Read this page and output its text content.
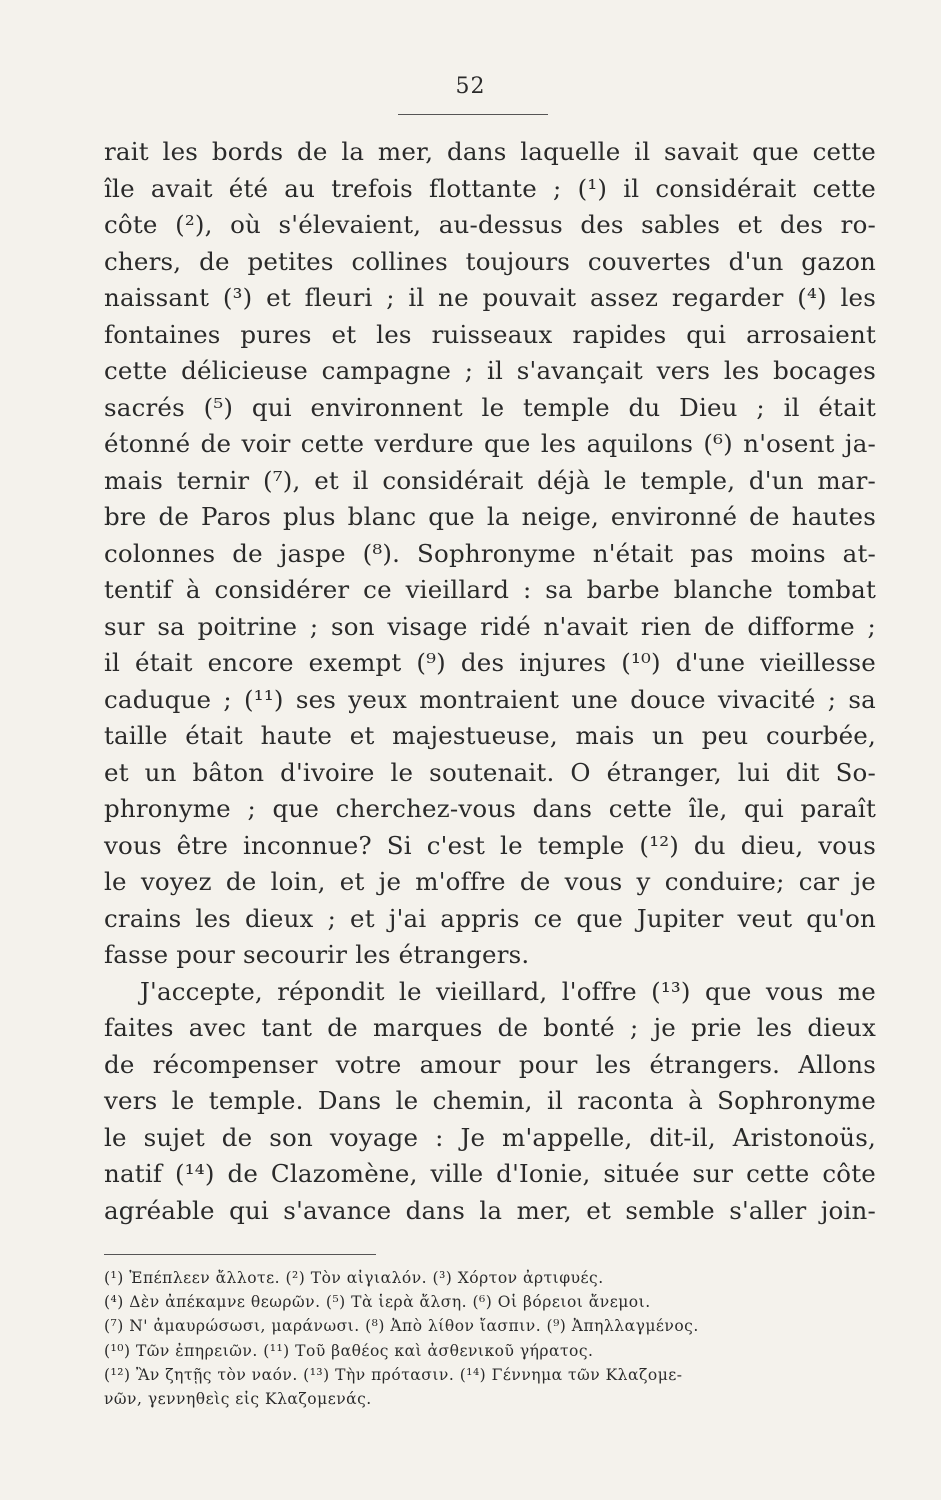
52
rait les bords de la mer, dans laquelle il savait que cette
île avait été au trefois flottante ; (¹) il considérait cette
côte (²), où s'élevaient, au-dessus des sables et des ro-
chers, de petites collines toujours couvertes d'un gazon
naissant (³) et fleuri ; il ne pouvait assez regarder (⁴) les
fontaines pures et les ruisseaux rapides qui arrosaient
cette délicieuse campagne ; il s'avançait vers les bocages
sacrés (⁵) qui environnent le temple du Dieu ; il était
étonné de voir cette verdure que les aquilons (⁶) n'osent ja-
mais ternir (⁷), et il considérait déjà le temple, d'un mar-
bre de Paros plus blanc que la neige, environné de hautes
colonnes de jaspe (⁸). Sophronyme n'était pas moins at-
tentif à considérer ce vieillard : sa barbe blanche tombat
sur sa poitrine ; son visage ridé n'avait rien de difforme ;
il était encore exempt (⁹) des injures (¹⁰) d'une vieillesse
caduque ; (¹¹) ses yeux montraient une douce vivacité ; sa
taille était haute et majestueuse, mais un peu courbée,
et un bâton d'ivoire le soutenait. O étranger, lui dit So-
phronyme ; que cherchez-vous dans cette île, qui paraît
vous être inconnue? Si c'est le temple (¹²) du dieu, vous
le voyez de loin, et je m'offre de vous y conduire; car je
crains les dieux ; et j'ai appris ce que Jupiter veut qu'on
fasse pour secourir les étrangers.
J'accepte, répondit le vieillard, l'offre (¹³) que vous me
faites avec tant de marques de bonté ; je prie les dieux
de récompenser votre amour pour les étrangers. Allons
vers le temple. Dans le chemin, il raconta à Sophronyme
le sujet de son voyage : Je m'appelle, dit-il, Aristonoüs,
natif (¹⁴) de Clazomène, ville d'Ionie, située sur cette côte
agréable qui s'avance dans la mer, et semble s'aller join-
(¹) Ἐπέπλεεν ἄλλοτε. (²) Τὸν αἰγιαλόν. (³) Χόρτον ἀρτιφυές.
(⁴) Δὲν ἀπέκαμνε θεωρῶν. (⁵) Τὰ ἱερὰ ἄλση. (⁶) Οἱ βόρειοι ἄνεμοι.
(⁷) Ν' ἀμαυρώσωσι, μαράνωσι. (⁸) Ἀπὸ λίθον ἴασπιν. (⁹) Ἀπηλλαγμένος.
(¹⁰) Τῶν ἐπηρειῶν. (¹¹) Τοῦ βαθέος καὶ ἀσθενικοῦ γήρατος.
(¹²) Ἂν ζητῇς τὸν ναόν. (¹³) Τὴν πρότασιν. (¹⁴) Γέννημα τῶν Κλαζομε-
νῶν, γεννηθεὶς εἰς Κλαζομενάς.
